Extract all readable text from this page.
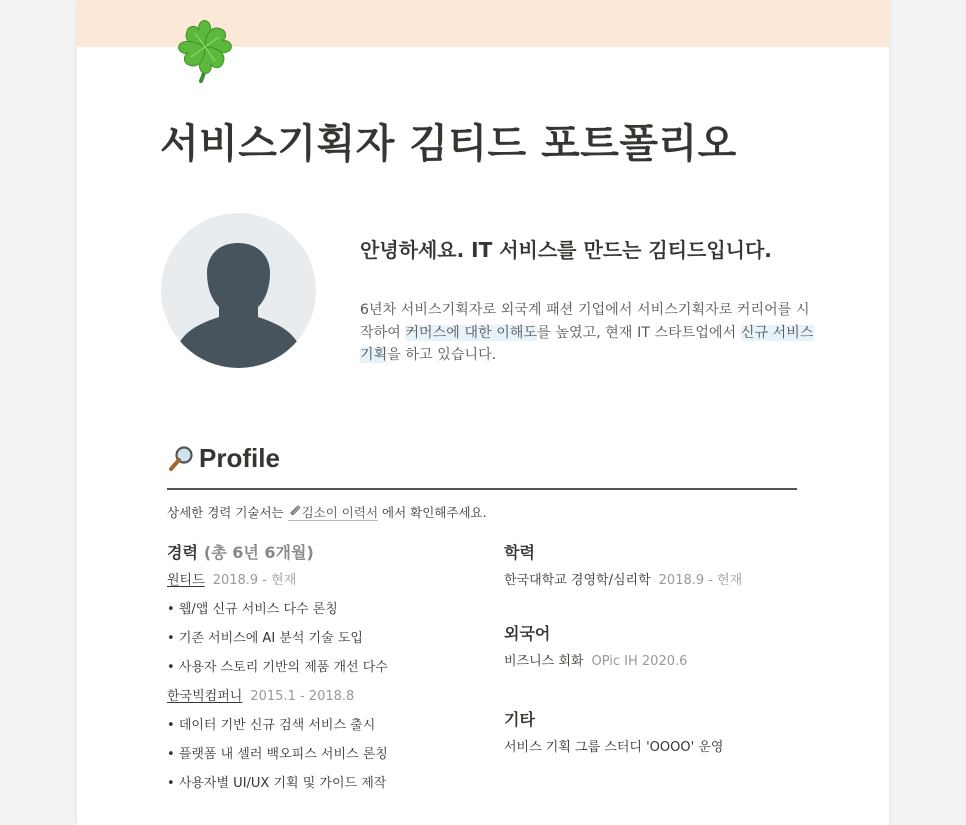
서비스기획자 김티드 포트폴리오
안녕하세요. IT 서비스를 만드는 김티드입니다.

6년차 서비스기획자로 외국계 패션 기업에서 서비스기획자로 커리어를 시작하여 커머스에 대한 이해도를 높였고, 현재 IT 스타트업에서 신규 서비스 기획을 하고 있습니다.

Profile

상세한 경력 기술서는 김소이 이력서 에서 확인해주세요.

경력 (총 6년 6개월)
원티드 2018.9 - 현재
• 웹/앱 신규 서비스 다수 론칭
• 기존 서비스에 AI 분석 기술 도입
• 사용자 스토리 기반의 제품 개선 다수
한국빅컴퍼니 2015.1 - 2018.8
• 데이터 기반 신규 검색 서비스 출시
• 플랫폼 내 셀러 백오피스 서비스 론칭
• 사용자별 UI/UX 기획 및 가이드 제작
학력
한국대학교 경영학/심리학 2018.9 - 현재
외국어
비즈니스 회화 OPic IH 2020.6
기타
서비스 기획 그룹 스터디 'OOOO' 운영
